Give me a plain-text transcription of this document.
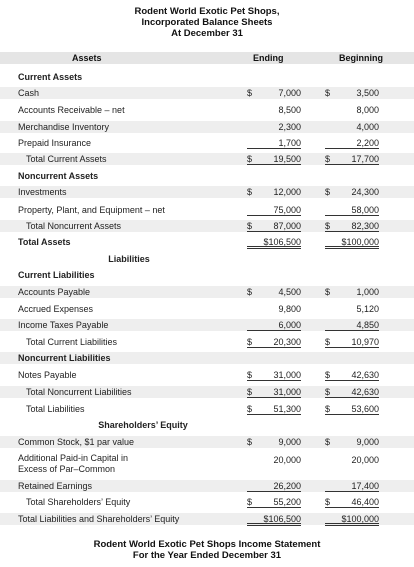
Rodent World Exotic Pet Shops,
Incorporated Balance Sheets
At December 31
Assets	Ending	Beginning
Current Assets
Cash	$	7,000	$	3,500
Accounts Receivable – net	8,500	8,000
Merchandise Inventory	2,300	4,000
Prepaid Insurance	1,700	2,200
Total Current Assets	$ 19,500	$ 17,700
Noncurrent Assets
Investments	$ 12,000	$ 24,300
Property, Plant, and Equipment – net	75,000	58,000
Total Noncurrent Assets	$ 87,000	$ 82,300
Total Assets	$106,500	$100,000
Liabilities
Current Liabilities
Accounts Payable	$	4,500	$	1,000
Accrued Expenses	9,800	5,120
Income Taxes Payable	6,000	4,850
Total Current Liabilities	$ 20,300	$ 10,970
Noncurrent Liabilities
Notes Payable	$ 31,000	$ 42,630
Total Noncurrent Liabilities	$ 31,000	$ 42,630
Total Liabilities	$ 51,300	$ 53,600
Shareholders’ Equity
Common Stock, $1 par value	$	9,000	$	9,000
Additional Paid-in Capital in
Excess of Par–Common
20,000	20,000
Retained Earnings	26,200	17,400
Total Shareholders’ Equity	$ 55,200	$ 46,400
Total Liabilities and Shareholders’ Equity	$106,500	$100,000
Rodent World Exotic Pet Shops Income Statement
For the Year Ended December 31
